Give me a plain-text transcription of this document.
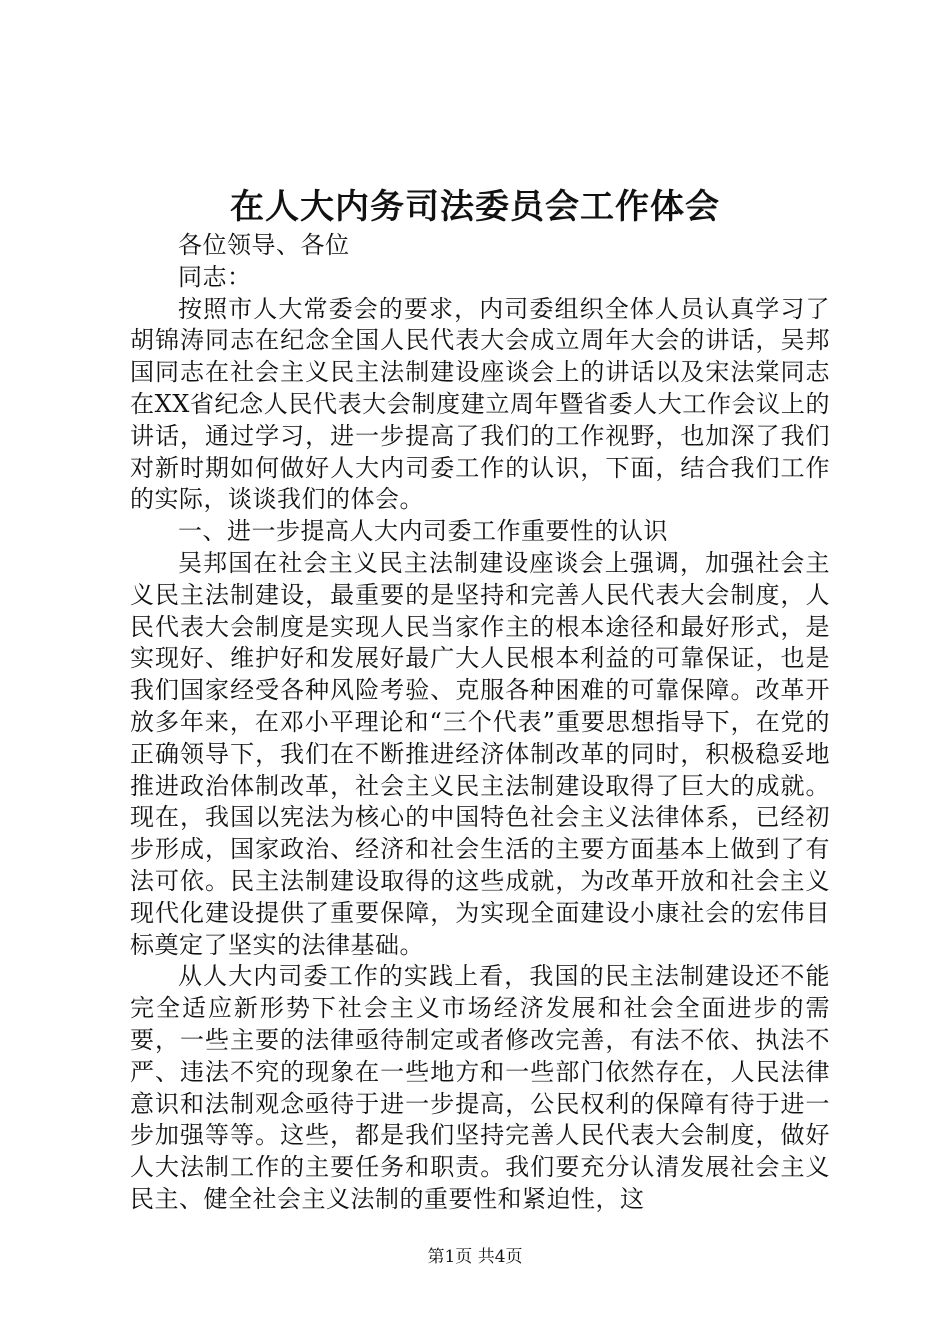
在人大内务司法委员会工作体会

各位领导、各位

同志：

按照市人大常委会的要求，内司委组织全体人员认真学习了胡锦涛同志在纪念全国人民代表大会成立周年大会的讲话，吴邦国同志在社会主义民主法制建设座谈会上的讲话以及宋法棠同志在XX省纪念人民代表大会制度建立周年暨省委人大工作会议上的讲话，通过学习，进一步提高了我们的工作视野，也加深了我们对新时期如何做好人大内司委工作的认识，下面，结合我们工作的实际，谈谈我们的体会。

一、进一步提高人大内司委工作重要性的认识

吴邦国在社会主义民主法制建设座谈会上强调，加强社会主义民主法制建设，最重要的是坚持和完善人民代表大会制度，人民代表大会制度是实现人民当家作主的根本途径和最好形式，是实现好、维护好和发展好最广大人民根本利益的可靠保证，也是我们国家经受各种风险考验、克服各种困难的可靠保障。改革开放多年来，在邓小平理论和“三个代表”重要思想指导下，在党的正确领导下，我们在不断推进经济体制改革的同时，积极稳妥地推进政治体制改革，社会主义民主法制建设取得了巨大的成就。现在，我国以宪法为核心的中国特色社会主义法律体系，已经初步形成，国家政治、经济和社会生活的主要方面基本上做到了有法可依。民主法制建设取得的这些成就，为改革开放和社会主义现代化建设提供了重要保障，为实现全面建设小康社会的宏伟目标奠定了坚实的法律基础。

从人大内司委工作的实践上看，我国的民主法制建设还不能完全适应新形势下社会主义市场经济发展和社会全面进步的需要，一些主要的法律亟待制定或者修改完善，有法不依、执法不严、违法不究的现象在一些地方和一些部门依然存在，人民法律意识和法制观念亟待于进一步提高，公民权利的保障有待于进一步加强等等。这些，都是我们坚持完善人民代表大会制度，做好人大法制工作的主要任务和职责。我们要充分认清发展社会主义民主、健全社会主义法制的重要性和紧迫性，这

第1页 共4页
